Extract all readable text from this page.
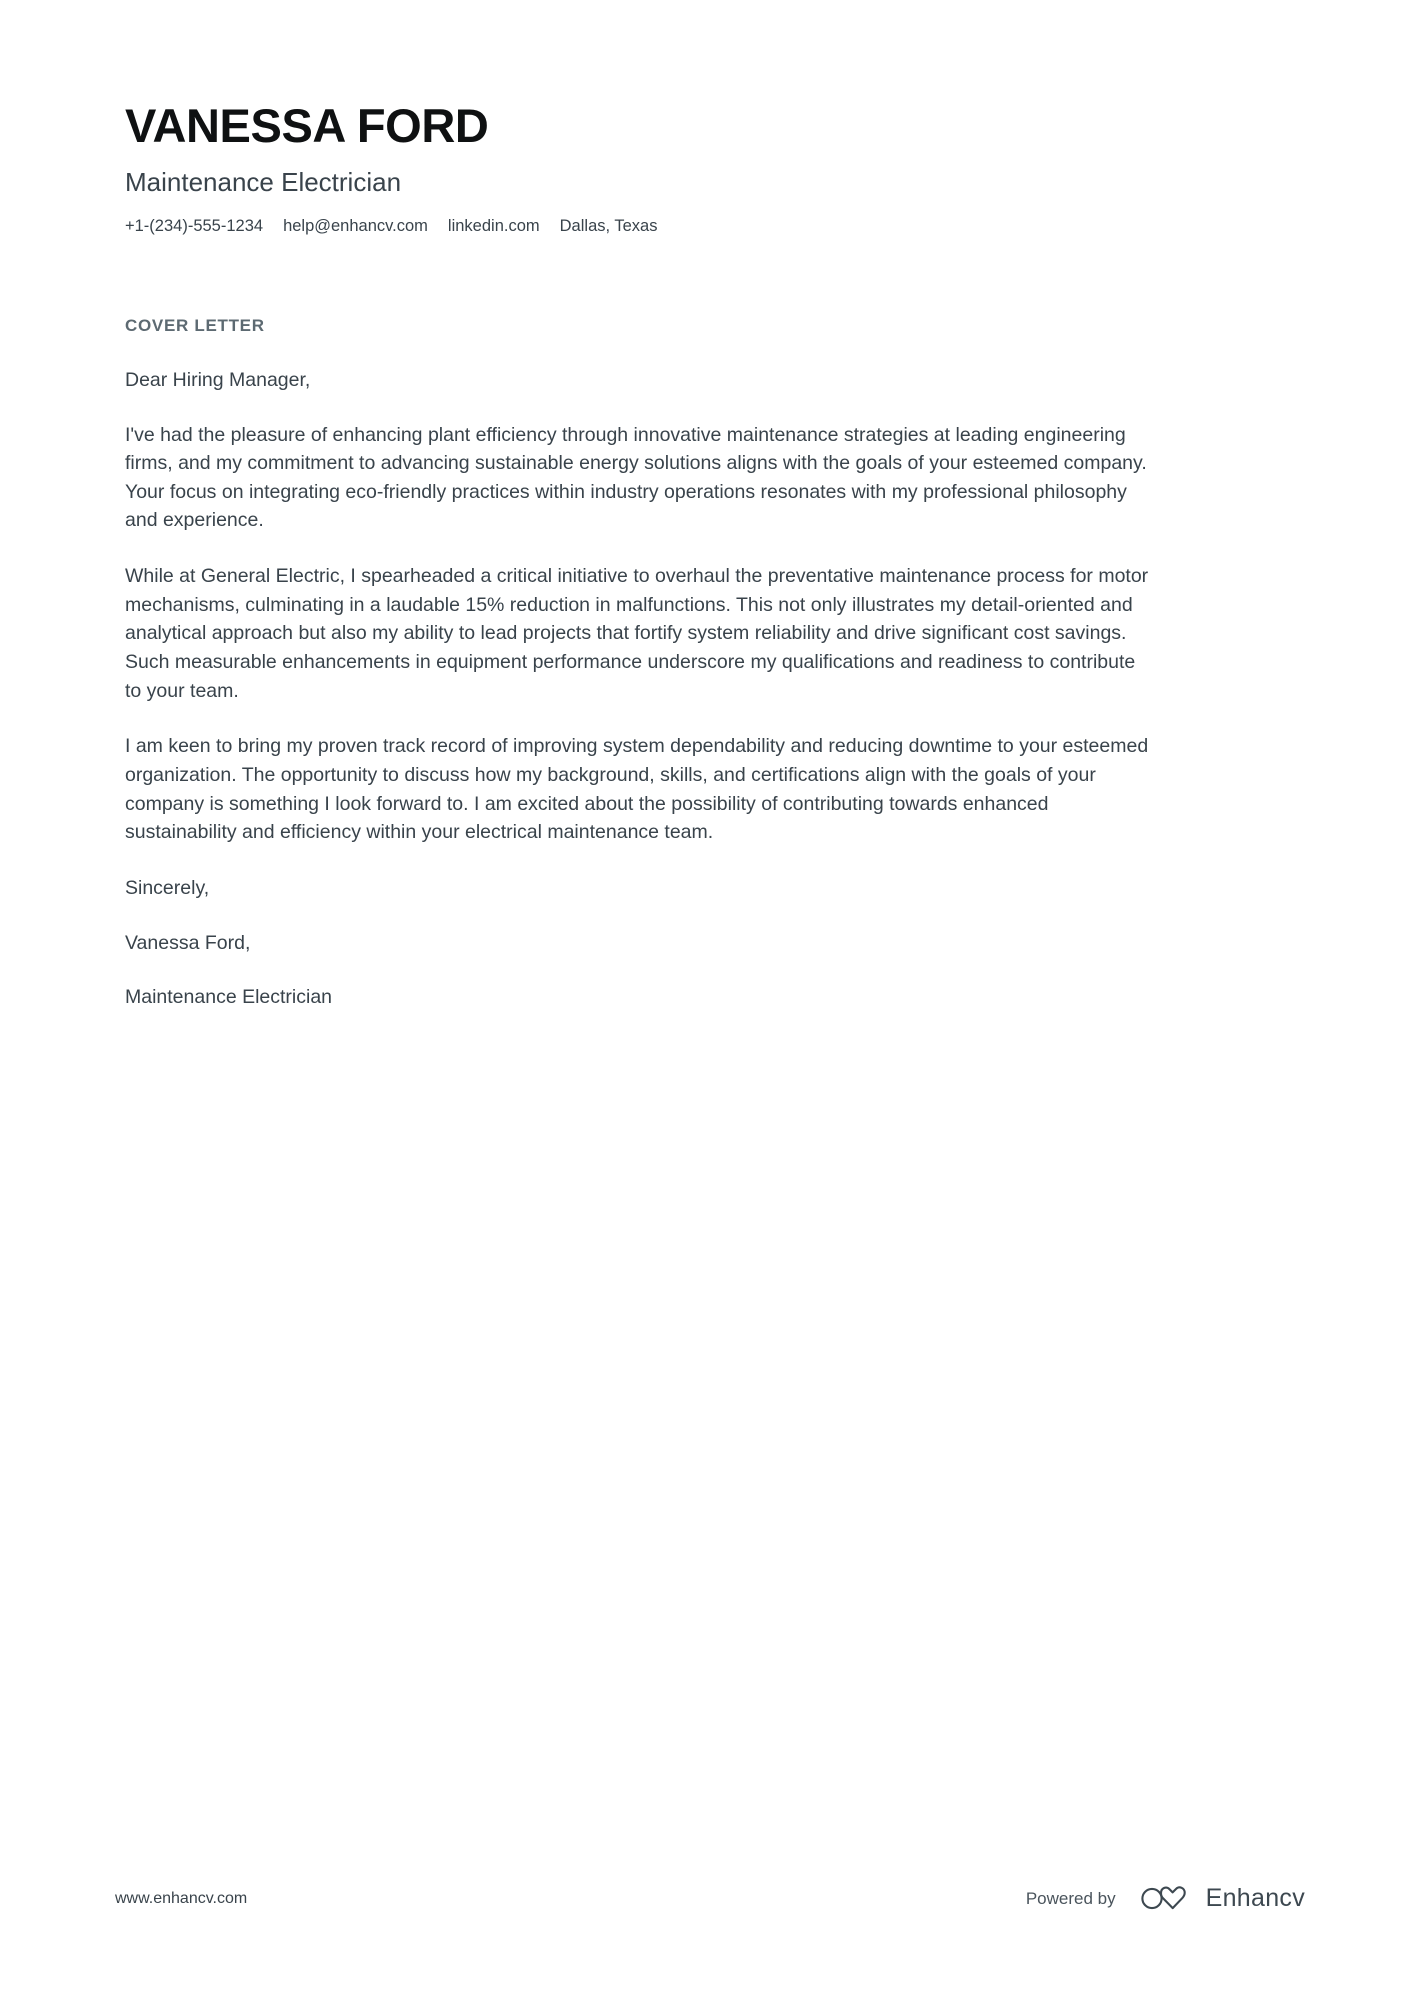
VANESSA FORD
Maintenance Electrician
+1-(234)-555-1234 help@enhancv.com linkedin.com Dallas, Texas
COVER LETTER

Dear Hiring Manager,

I've had the pleasure of enhancing plant efficiency through innovative maintenance strategies at leading engineering firms, and my commitment to advancing sustainable energy solutions aligns with the goals of your esteemed company. Your focus on integrating eco-friendly practices within industry operations resonates with my professional philosophy and experience.

While at General Electric, I spearheaded a critical initiative to overhaul the preventative maintenance process for motor mechanisms, culminating in a laudable 15% reduction in malfunctions. This not only illustrates my detail-oriented and analytical approach but also my ability to lead projects that fortify system reliability and drive significant cost savings. Such measurable enhancements in equipment performance underscore my qualifications and readiness to contribute to your team.

I am keen to bring my proven track record of improving system dependability and reducing downtime to your esteemed organization. The opportunity to discuss how my background, skills, and certifications align with the goals of your company is something I look forward to. I am excited about the possibility of contributing towards enhanced sustainability and efficiency within your electrical maintenance team.

Sincerely,

Vanessa Ford,

Maintenance Electrician

www.enhancv.com	Powered by	Enhancv
